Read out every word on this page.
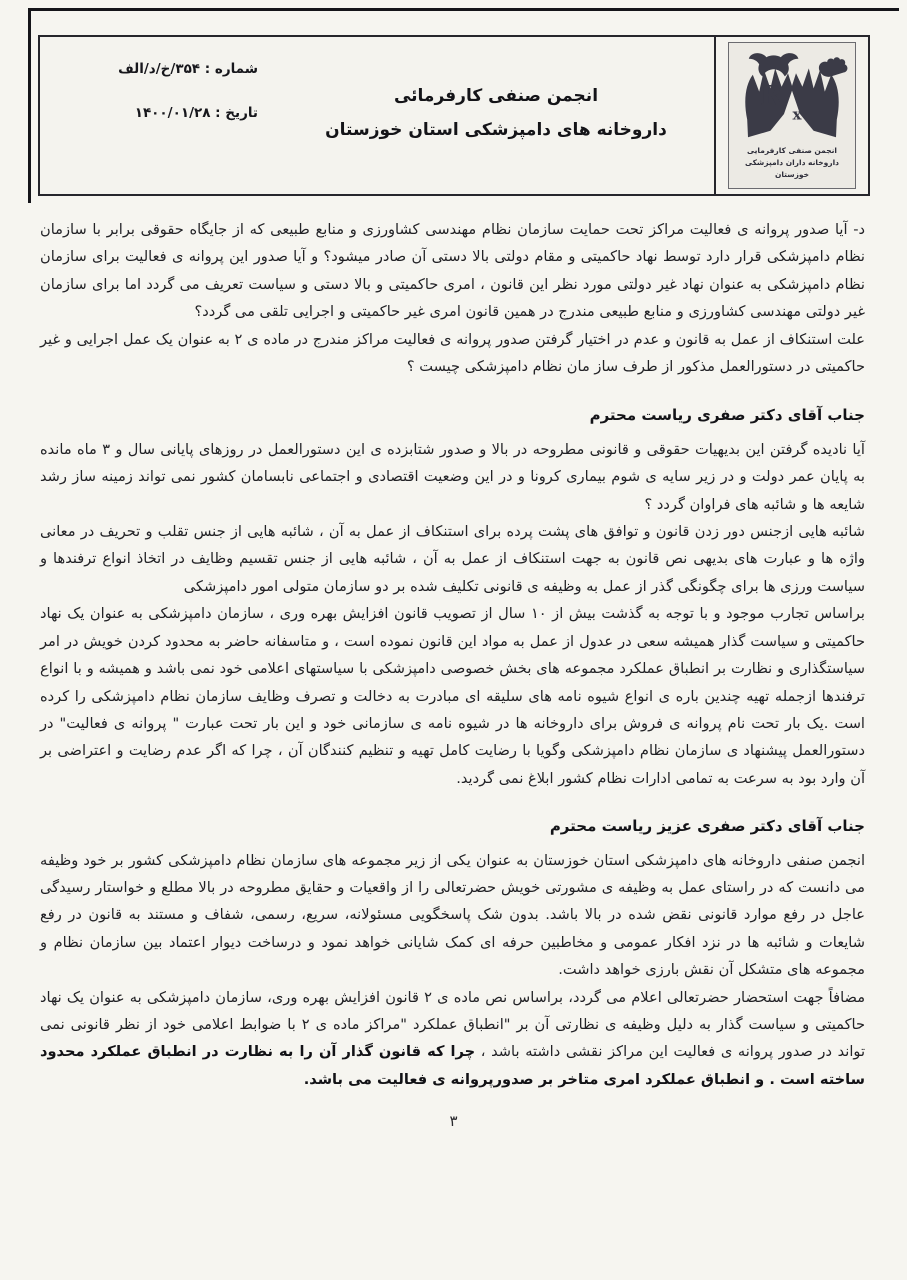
R
x
انجمن صنفی کارفرمایی
داروخانه داران دامپزشکی
خوزستان
انجمن صنفی کارفرمائی
داروخانه های دامپزشکی استان خوزستان
شماره : ۳۵۴/خ/د/الف
تاریخ : ۱۴۰۰/۰۱/۲۸

د- آیا صدور پروانه ی فعالیت مراکز تحت حمایت سازمان نظام مهندسی کشاورزی و منابع طبیعی که از جایگاه حقوقی برابر با سازمان نظام دامپزشکی قرار دارد توسط نهاد حاکمیتی و مقام دولتی بالا دستی آن صادر میشود؟ و آیا صدور این پروانه ی فعالیت برای سازمان نظام دامپزشکی به عنوان نهاد غیر دولتی مورد نظر این قانون ، امری حاکمیتی و بالا دستی و سیاست تعریف می گردد اما برای سازمان غیر دولتی مهندسی کشاورزی و منابع طبیعی مندرج در همین قانون امری غیر حاکمیتی و اجرایی تلقی می گردد؟

علت استنکاف از عمل به قانون و عدم در اختیار گرفتن صدور پروانه ی فعالیت مراکز مندرج در ماده ی ۲ به عنوان یک عمل اجرایی و غیر حاکمیتی در دستورالعمل مذکور از طرف ساز مان نظام دامپزشکی چیست ؟

جناب آقای دکتر صفری ریاست محترم

آیا نادیده گرفتن این بدیهیات حقوقی و قانونی مطروحه در بالا و صدور شتابزده ی این دستورالعمل در روزهای پایانی سال و ۳ ماه مانده به پایان عمر دولت و در زیر سایه ی شوم بیماری کرونا و در این وضعیت اقتصادی و اجتماعی نابسامان کشور نمی تواند زمینه ساز رشد شایعه ها و شائبه های فراوان گردد ؟

شائبه هایی ازجنس دور زدن قانون و توافق های پشت پرده برای استنکاف از عمل به آن ، شائبه هایی از جنس تقلب و تحریف در معانی واژه ها و عبارت های بدیهی نص قانون به جهت استنکاف از عمل به آن ، شائبه هایی از جنس تقسیم وظایف در اتخاذ انواع ترفندها و سیاست ورزی ها برای چگونگی گذر از عمل به وظیفه ی قانونی تکلیف شده بر دو سازمان متولی امور دامپزشکی

براساس تجارب موجود و با توجه به گذشت بیش از ۱۰ سال از تصویب قانون افزایش بهره وری ، سازمان دامپزشکی به عنوان یک نهاد حاکمیتی و سیاست گذار همیشه سعی در عدول از عمل به مواد این قانون نموده است ، و متاسفانه حاضر به محدود کردن خویش در امر سیاستگذاری و نظارت بر انطباق عملکرد مجموعه های بخش خصوصی دامپزشکی با سیاستهای اعلامی خود نمی باشد و همیشه و با انواع ترفندها ازجمله تهیه چندین باره ی انواع شیوه نامه های سلیقه ای مبادرت به دخالت و تصرف وظایف سازمان نظام دامپزشکی را کرده است .یک بار تحت نام پروانه ی فروش برای داروخانه ها در شیوه نامه ی سازمانی خود و این بار تحت عبارت " پروانه ی فعالیت" در دستورالعمل پیشنهاد ی سازمان نظام دامپزشکی وگویا با رضایت کامل تهیه و تنظیم کنندگان آن ، چرا که اگر عدم رضایت و اعتراضی بر آن وارد بود به سرعت به تمامی ادارات نظام کشور ابلاغ نمی گردید.

جناب آقای دکتر صفری عزیز ریاست محترم

انجمن صنفی داروخانه های دامپزشکی استان خوزستان به عنوان یکی از زیر مجموعه های سازمان نظام دامپزشکی کشور بر خود وظیفه می دانست که در راستای عمل به وظیفه ی مشورتی خویش حضرتعالی را از واقعیات و حقایق مطروحه در بالا مطلع و خواستار رسیدگی عاجل در رفع موارد قانونی نقض شده در بالا باشد. بدون شک پاسخگویی مسئولانه، سریع، رسمی، شفاف و مستند به قانون در رفع شایعات و شائبه ها در نزد افکار عمومی و مخاطبین حرفه ای کمک شایانی خواهد نمود و درساخت دیوار اعتماد بین سازمان نظام و مجموعه های متشکل آن نقش بارزی خواهد داشت.

مضافاً جهت استحضار حضرتعالی اعلام می گردد، براساس نص ماده ی ۲ قانون افزایش بهره وری، سازمان دامپزشکی به عنوان یک نهاد حاکمیتی و سیاست گذار به دلیل وظیفه ی نظارتی آن بر "انطباق عملکرد "مراکز ماده ی ۲ با ضوابط اعلامی خود از نظر قانونی نمی تواند در صدور پروانه ی فعالیت این مراکز نقشی داشته باشد ، چرا که قانون گذار آن را به نظارت در انطباق عملکرد محدود ساخته است . و انطباق عملکرد امری متاخر بر صدورپروانه ی فعالیت می باشد.

۳
